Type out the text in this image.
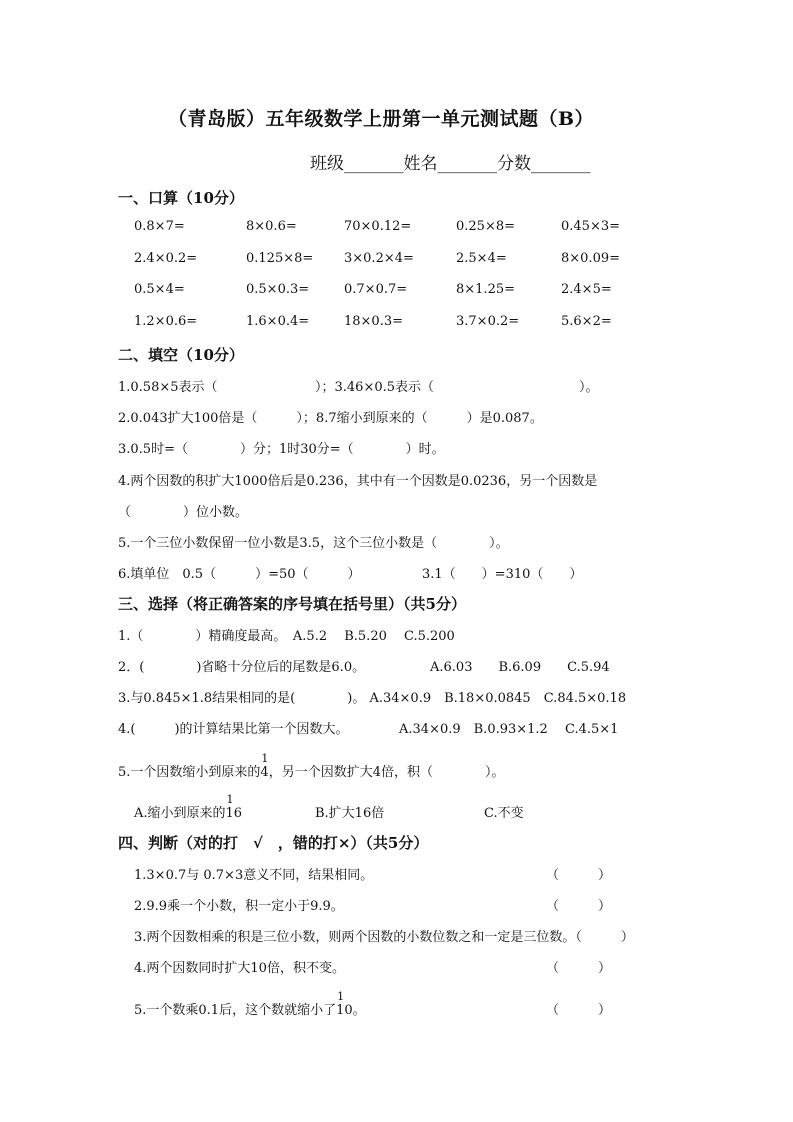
（青岛版）五年级数学上册第一单元测试题（B）
班级_______姓名_______分数_______
一、口算（10分）
0.8×7=	8×0.6=	70×0.12=	0.25×8=	0.45×3=
2.4×0.2=	0.125×8= 3×0.2×4=	2.5×4=	8×0.09=
0.5×4=	0.5×0.3=	0.7×0.7=	8×1.25=	2.4×5=
1.2×0.6=	1.6×0.4=	18×0.3=	3.7×0.2=	5.6×2=
二、填空（10分）
1.0.58×5表示（	）；3.46×0.5表示（	）。
2.0.043扩大100倍是（　　　）；8.7缩小到原来的（　　　）是0.087。
3.0.5时=（　　　　）分；1时30分=（　　　　）时。
4.两个因数的积扩大1000倍后是0.236，其中有一个因数是0.0236，另一个因数是
（　　　　）位小数。
5.一个三位小数保留一位小数是3.5，这个三位小数是（　　　　）。
6.填单位　0.5（　　　）=50（　　　）	3.1（　　）=310（　　）
三、选择（将正确答案的序号填在括号里）（共5分）
1.（　　　　）精确度最高。　A.5.2　 B.5.20　 C.5.200
2．(　　　　)省略十分位后的尾数是6.0。	A.6.03　　B.6.09　　C.5.94
3.与0.845×1.8结果相同的是(　　　　)。 A.34×0.9　B.18×0.0845　C.84.5×0.18
4.(　　　)的计算结果比第一个因数大。	A.34×0.9　B.0.93×1.2　 C.4.5×1
5.一个因数缩小到原来的
1
4，另一个因数扩大4倍，积（　　　　）。
A.缩小到原来的
1
16	B.扩大16倍	C.不变
四、判断（对的打　√　，错的打×）（共5分）
1.3×0.7与 0.7×3意义不同，结果相同。	（　　　）
2.9.9乘一个小数，积一定小于9.9。	（　　　）
3.两个因数相乘的积是三位小数，则两个因数的小数位数之和一定是三位数。（　　　）
4.两个因数同时扩大10倍，积不变。	（　　　）
5.一个数乘0.1后，这个数就缩小了
1
10。	（　　　）
